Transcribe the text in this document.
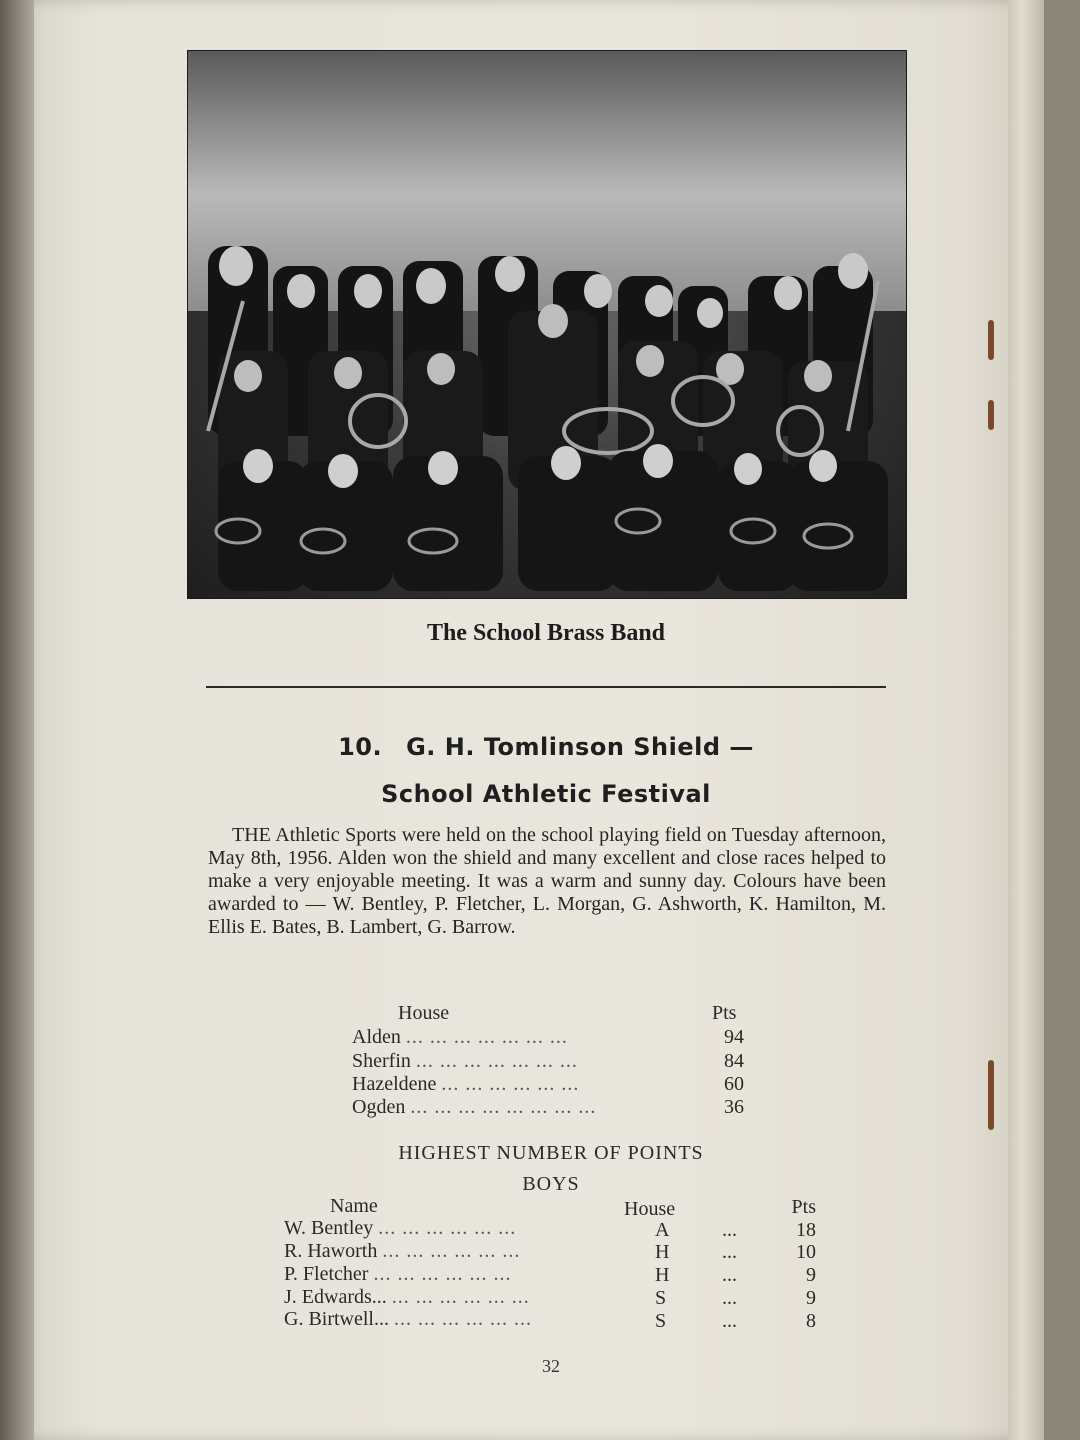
The School Brass Band
10. G. H. Tomlinson Shield —
School Athletic Festival
THE Athletic Sports were held on the school playing field on Tuesday afternoon, May 8th, 1956. Alden won the shield and many excellent and close races helped to make a very enjoyable meeting. It was a warm and sunny day. Colours have been awarded to — W. Bentley, P. Fletcher, L. Morgan, G. Ashworth, K. Hamilton, M. Ellis E. Bates, B. Lambert, G. Barrow.
House	Pts
Alden ... ... ... ... ... ... ...	94
Sherfin ... ... ... ... ... ... ...	84
Hazeldene ... ... ... ... ... ...	60
Ogden ... ... ... ... ... ... ... ...	36
HIGHEST NUMBER OF POINTS
BOYS
Name	House	Pts
W. Bentley ... ... ... ... ... ...	A	...	18
R. Haworth ... ... ... ... ... ...	H	...	10
P. Fletcher ... ... ... ... ... ...	H	...	9
J. Edwards... ... ... ... ... ... ...	S	...	9
G. Birtwell... ... ... ... ... ... ...	S	...	8
32
